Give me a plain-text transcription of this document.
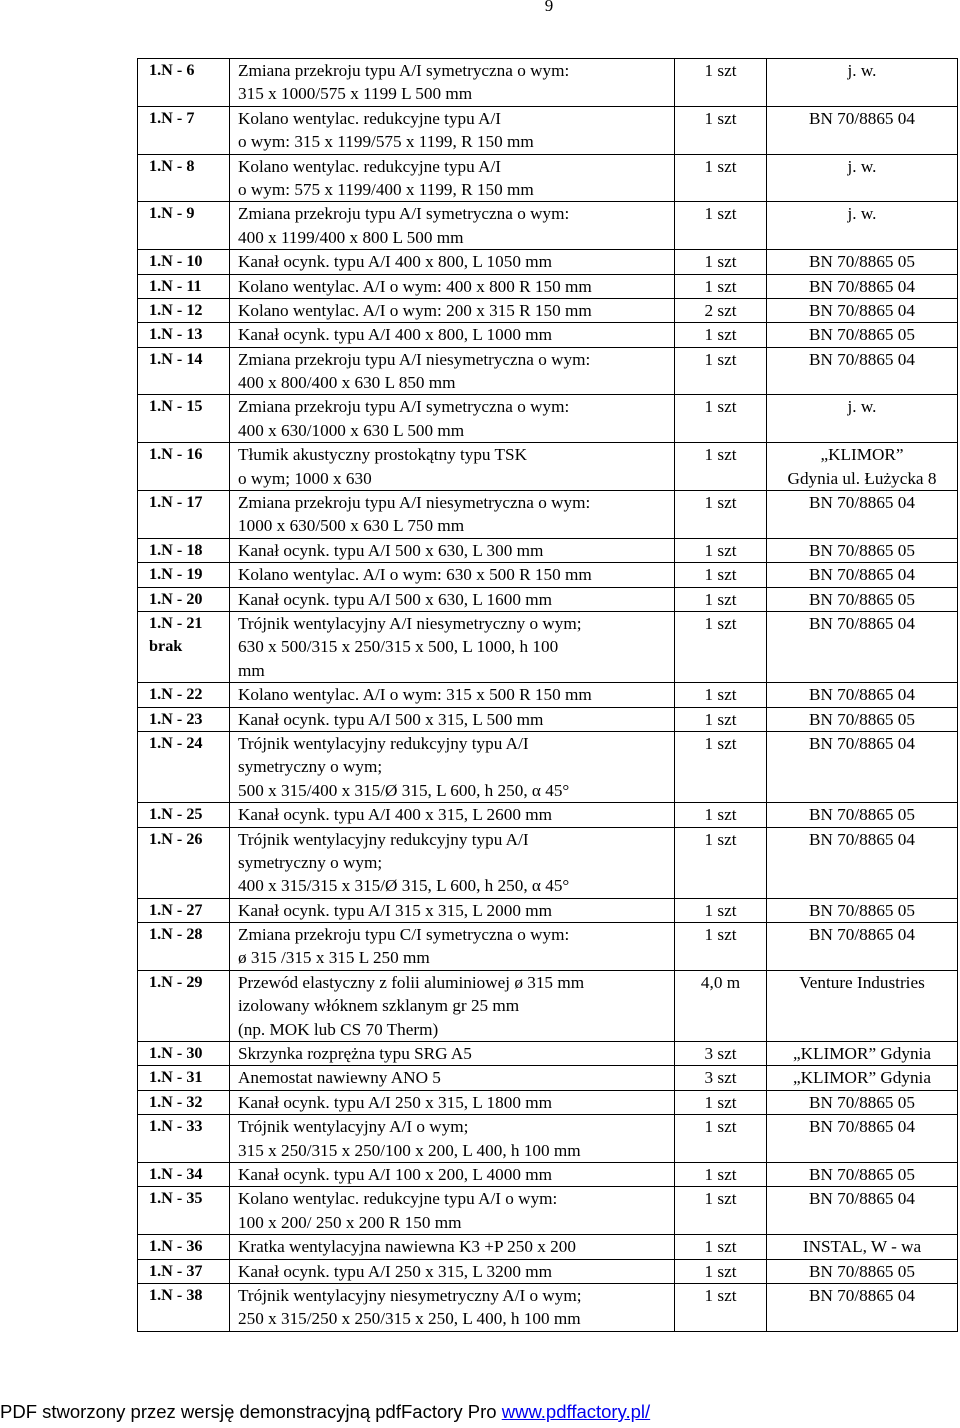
9
1.N - 6	Zmiana przekroju typu A/I symetryczna o wym:
315 x 1000/575 x 1199 L 500 mm	1 szt	j. w.

1.N - 7	Kolano wentylac. redukcyjne typu A/I
o wym: 315 x 1199/575 x 1199, R 150 mm	1 szt	BN 70/8865 04

1.N - 8	Kolano wentylac. redukcyjne typu A/I
o wym: 575 x 1199/400 x 1199, R 150 mm	1 szt	j. w.

1.N - 9	Zmiana przekroju typu A/I symetryczna o wym:
400 x 1199/400 x 800 L 500 mm	1 szt	j. w.

1.N - 10	Kanał ocynk. typu A/I 400 x 800, L 1050 mm	1 szt	BN 70/8865 05

1.N - 11	Kolano wentylac. A/I o wym: 400 x 800 R 150 mm	1 szt	BN 70/8865 04

1.N - 12	Kolano wentylac. A/I o wym: 200 x 315 R 150 mm	2 szt	BN 70/8865 04

1.N - 13	Kanał ocynk. typu A/I 400 x 800, L 1000 mm	1 szt	BN 70/8865 05

1.N - 14	Zmiana przekroju typu A/I niesymetryczna o wym:
400 x 800/400 x 630 L 850 mm	1 szt	BN 70/8865 04

1.N - 15	Zmiana przekroju typu A/I symetryczna o wym:
400 x 630/1000 x 630 L 500 mm	1 szt	j. w.

1.N - 16	Tłumik akustyczny prostokątny typu TSK
o wym; 1000 x 630	1 szt	„KLIMOR”
Gdynia ul. Łużycka 8

1.N - 17	Zmiana przekroju typu A/I niesymetryczna o wym:
1000 x 630/500 x 630 L 750 mm	1 szt	BN 70/8865 04

1.N - 18	Kanał ocynk. typu A/I 500 x 630, L 300 mm	1 szt	BN 70/8865 05

1.N - 19	Kolano wentylac. A/I o wym: 630 x 500 R 150 mm	1 szt	BN 70/8865 04

1.N - 20	Kanał ocynk. typu A/I 500 x 630, L 1600 mm	1 szt	BN 70/8865 05

1.N - 21
brak	Trójnik wentylacyjny A/I niesymetryczny o wym;
630 x 500/315 x 250/315 x 500, L 1000, h 100
mm	1 szt	BN 70/8865 04

1.N - 22	Kolano wentylac. A/I o wym: 315 x 500 R 150 mm	1 szt	BN 70/8865 04

1.N - 23	Kanał ocynk. typu A/I 500 x 315, L 500 mm	1 szt	BN 70/8865 05

1.N - 24	Trójnik wentylacyjny redukcyjny typu A/I
symetryczny o wym;
500 x 315/400 x 315/Ø 315, L 600, h 250, α 45°	1 szt	BN 70/8865 04

1.N - 25	Kanał ocynk. typu A/I 400 x 315, L 2600 mm	1 szt	BN 70/8865 05

1.N - 26	Trójnik wentylacyjny redukcyjny typu A/I
symetryczny o wym;
400 x 315/315 x 315/Ø 315, L 600, h 250, α 45°	1 szt	BN 70/8865 04

1.N - 27	Kanał ocynk. typu A/I 315 x 315, L 2000 mm	1 szt	BN 70/8865 05

1.N - 28	Zmiana przekroju typu C/I symetryczna o wym:
ø 315 /315 x 315 L 250 mm	1 szt	BN 70/8865 04

1.N - 29	Przewód elastyczny z folii aluminiowej ø 315 mm
izolowany włóknem szklanym gr 25 mm
(np. MOK lub CS 70 Therm)	4,0 m	Venture Industries

1.N - 30	Skrzynka rozprężna typu SRG A5	3 szt	„KLIMOR” Gdynia

1.N - 31	Anemostat nawiewny ANO 5	3 szt	„KLIMOR” Gdynia

1.N - 32	Kanał ocynk. typu A/I 250 x 315, L 1800 mm	1 szt	BN 70/8865 05

1.N - 33	Trójnik wentylacyjny A/I o wym;
315 x 250/315 x 250/100 x 200, L 400, h 100 mm	1 szt	BN 70/8865 04

1.N - 34	Kanał ocynk. typu A/I 100 x 200, L 4000 mm	1 szt	BN 70/8865 05

1.N - 35	Kolano wentylac. redukcyjne typu A/I o wym:
100 x 200/ 250 x 200 R 150 mm	1 szt	BN 70/8865 04

1.N - 36	Kratka wentylacyjna nawiewna K3 +P 250 x 200	1 szt	INSTAL, W - wa

1.N - 37	Kanał ocynk. typu A/I 250 x 315, L 3200 mm	1 szt	BN 70/8865 05

1.N - 38	Trójnik wentylacyjny niesymetryczny A/I o wym;
250 x 315/250 x 250/315 x 250, L 400, h 100 mm	1 szt	BN 70/8865 04
PDF stworzony przez wersję demonstracyjną pdfFactory Pro www.pdffactory.pl/
